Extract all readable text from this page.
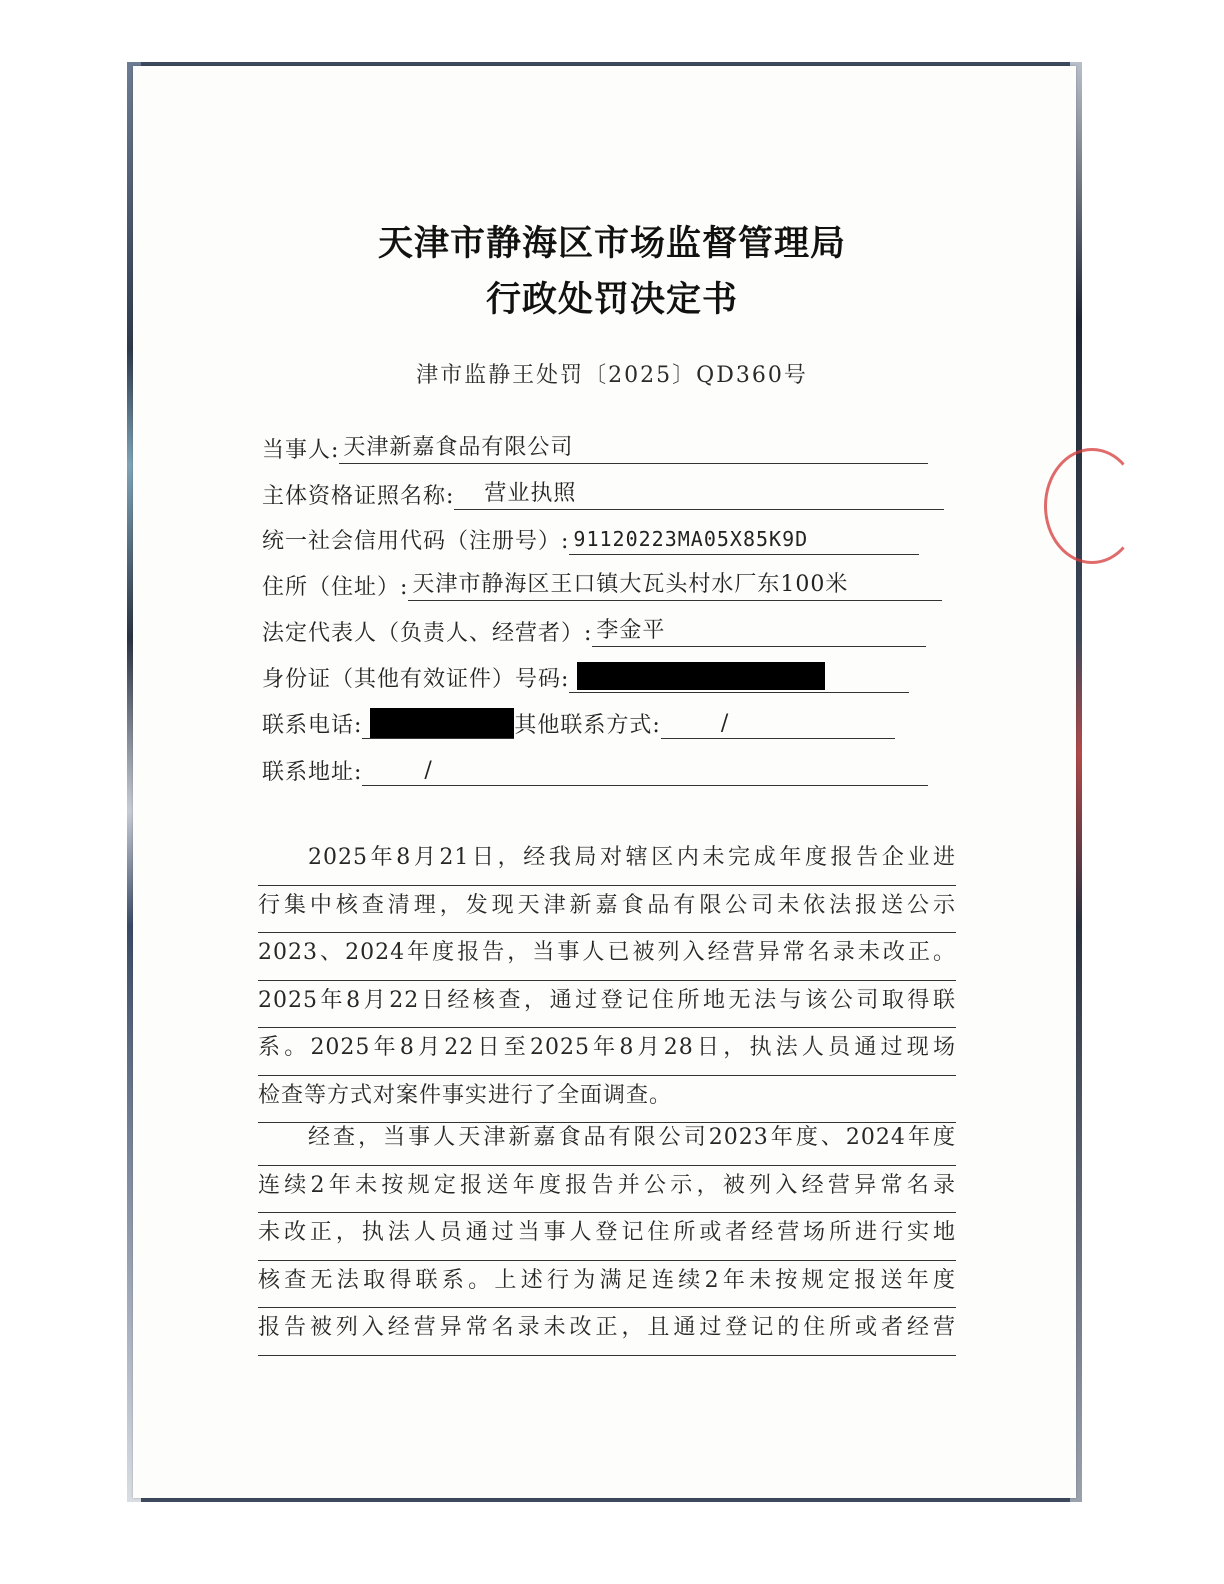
天津市静海区市场监督管理局
行政处罚决定书
津市监静王处罚〔2025〕QD360号
当事人: 天津新嘉食品有限公司
主体资格证照名称:	营业执照
统一社会信用代码（注册号）: 91120223MA05X85K9D
住所（住址）: 天津市静海区王口镇大瓦头村水厂东100米
法定代表人（负责人、经营者）: 李金平
身份证（其他有效证件）号码:
联系电话:	其他联系方式:	/
联系地址:	/
2025年8月21日，经我局对辖区内未完成年度报告企业进
行集中核查清理，发现天津新嘉食品有限公司未依法报送公示
2023、2024年度报告，当事人已被列入经营异常名录未改正。
2025年8月22日经核查，通过登记住所地无法与该公司取得联
系。2025年8月22日至2025年8月28日，执法人员通过现场
检查等方式对案件事实进行了全面调查。
经查，当事人天津新嘉食品有限公司2023年度、2024年度
连续2年未按规定报送年度报告并公示，被列入经营异常名录
未改正，执法人员通过当事人登记住所或者经营场所进行实地
核查无法取得联系。上述行为满足连续2年未按规定报送年度
报告被列入经营异常名录未改正，且通过登记的住所或者经营
